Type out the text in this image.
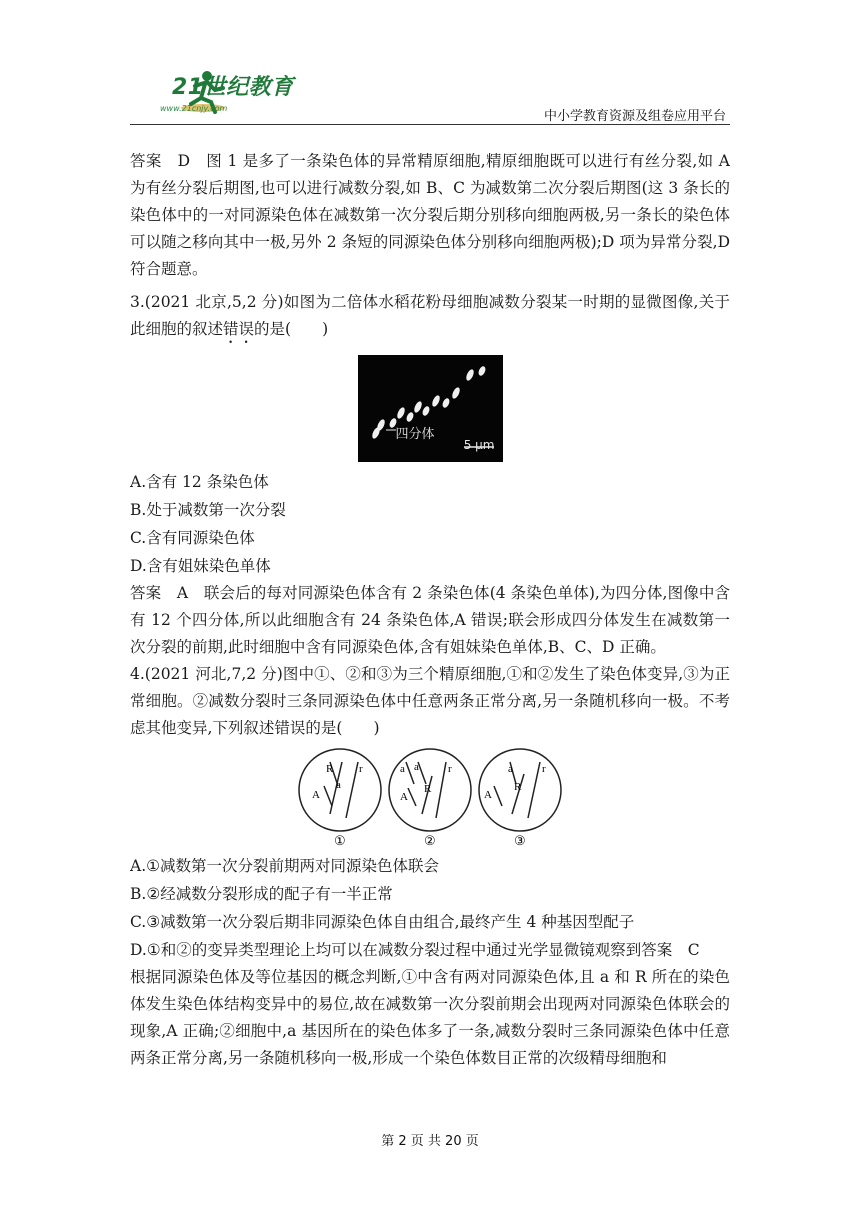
21世纪教育
www.21cnjy.com
中小学教育资源及组卷应用平台

答案　D　图 1 是多了一条染色体的异常精原细胞,精原细胞既可以进行有丝分裂,如 A 为有丝分裂后期图,也可以进行减数分裂,如 B、C 为减数第二次分裂后期图(这 3 条长的染色体中的一对同源染色体在减数第一次分裂后期分别移向细胞两极,另一条长的染色体可以随之移向其中一极,另外 2 条短的同源染色体分别移向细胞两极);D 项为异常分裂,D 符合题意。

3.(2021 北京,5,2 分)如图为二倍体水稻花粉母细胞减数分裂某一时期的显微图像,关于此细胞的叙述错误的是(　　)

四分体
5 μm

A.含有 12 条染色体

B.处于减数第一次分裂

C.含有同源染色体

D.含有姐妹染色单体

答案　A　联会后的每对同源染色体含有 2 条染色体(4 条染色单体),为四分体,图像中含有 12 个四分体,所以此细胞含有 24 条染色体,A 错误;联会形成四分体发生在减数第一次分裂的前期,此时细胞中含有同源染色体,含有姐妹染色单体,B、C、D 正确。

4.(2021 河北,7,2 分)图中①、②和③为三个精原细胞,①和②发生了染色体变异,③为正常细胞。②减数分裂时三条同源染色体中任意两条正常分离,另一条随机移向一极。不考虑其他变异,下列叙述错误的是(　　)

A
R
a
r	a a
A
R
r
A
a
R
r
①	②	③

A.①减数第一次分裂前期两对同源染色体联会

B.②经减数分裂形成的配子有一半正常

C.③减数第一次分裂后期非同源染色体自由组合,最终产生 4 种基因型配子

D.①和②的变异类型理论上均可以在减数分裂过程中通过光学显微镜观察到答案　C

根据同源染色体及等位基因的概念判断,①中含有两对同源染色体,且 a 和 R 所在的染色体发生染色体结构变异中的易位,故在减数第一次分裂前期会出现两对同源染色体联会的现象,A 正确;②细胞中,a 基因所在的染色体多了一条,减数分裂时三条同源染色体中任意两条正常分离,另一条随机移向一极,形成一个染色体数目正常的次级精母细胞和

第 2 页 共 20 页
